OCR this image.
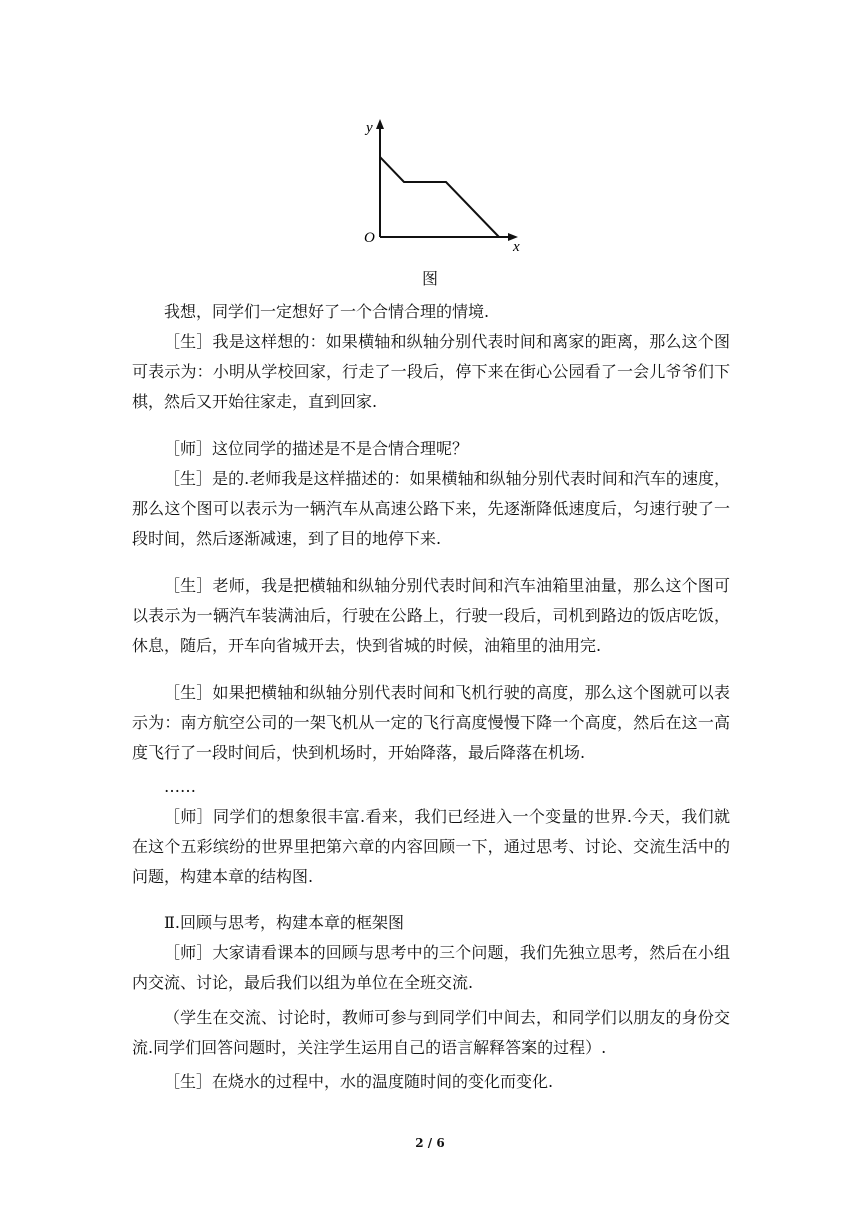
y
x
O
图

我想，同学们一定想好了一个合情合理的情境.

［生］我是这样想的：如果横轴和纵轴分别代表时间和离家的距离，那么这个图可表示为：小明从学校回家，行走了一段后，停下来在街心公园看了一会儿爷爷们下棋，然后又开始往家走，直到回家.

［师］这位同学的描述是不是合情合理呢？

［生］是的.老师我是这样描述的：如果横轴和纵轴分别代表时间和汽车的速度，那么这个图可以表示为一辆汽车从高速公路下来，先逐渐降低速度后，匀速行驶了一段时间，然后逐渐减速，到了目的地停下来.

［生］老师，我是把横轴和纵轴分别代表时间和汽车油箱里油量，那么这个图可以表示为一辆汽车装满油后，行驶在公路上，行驶一段后，司机到路边的饭店吃饭，休息，随后，开车向省城开去，快到省城的时候，油箱里的油用完.

［生］如果把横轴和纵轴分别代表时间和飞机行驶的高度，那么这个图就可以表示为：南方航空公司的一架飞机从一定的飞行高度慢慢下降一个高度，然后在这一高度飞行了一段时间后，快到机场时，开始降落，最后降落在机场.

……

［师］同学们的想象很丰富.看来，我们已经进入一个变量的世界.今天，我们就在这个五彩缤纷的世界里把第六章的内容回顾一下，通过思考、讨论、交流生活中的问题，构建本章的结构图.

Ⅱ.回顾与思考，构建本章的框架图

［师］大家请看课本的回顾与思考中的三个问题，我们先独立思考，然后在小组内交流、讨论，最后我们以组为单位在全班交流.

（学生在交流、讨论时，教师可参与到同学们中间去，和同学们以朋友的身份交流.同学们回答问题时，关注学生运用自己的语言解释答案的过程）.

［生］在烧水的过程中，水的温度随时间的变化而变化.

2 / 6
